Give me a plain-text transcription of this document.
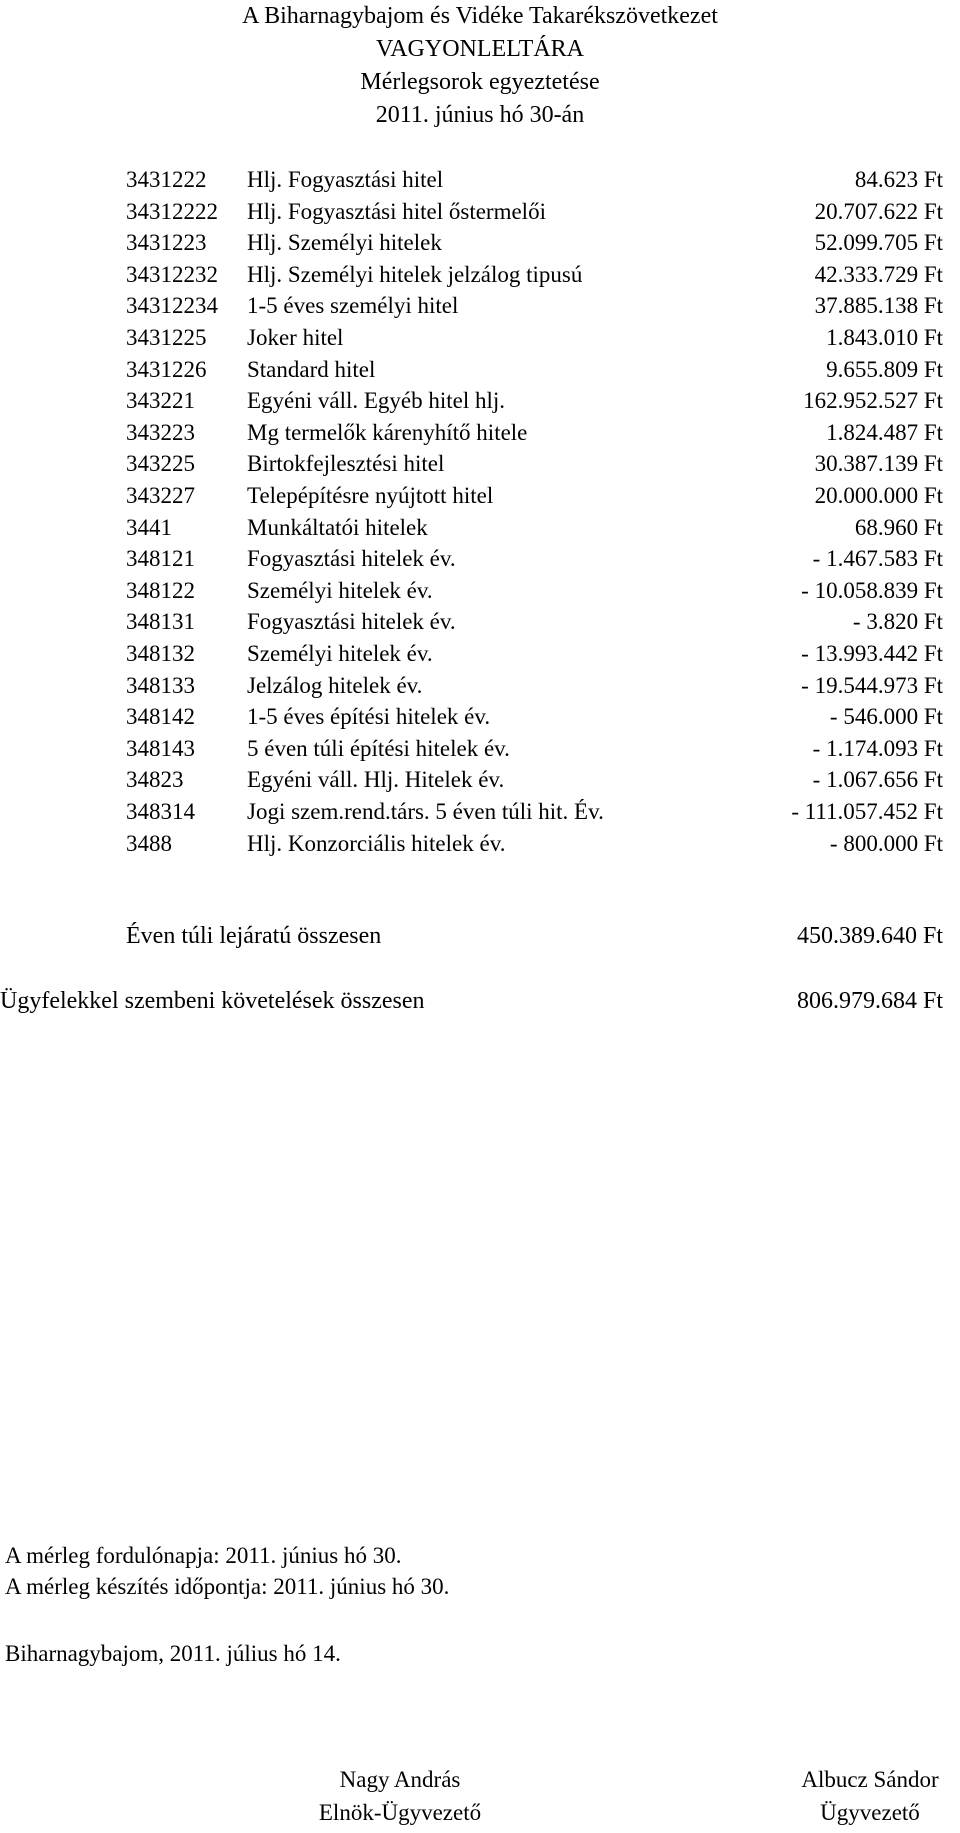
A Biharnagybajom és Vidéke Takarékszövetkezet
VAGYONLELTÁRA
Mérlegsorok egyeztetése
2011. június hó 30-án
3431222 Hlj. Fogyasztási hitel	84.623 Ft
34312222 Hlj. Fogyasztási hitel őstermelői	20.707.622 Ft
3431223 Hlj. Személyi hitelek	52.099.705 Ft
34312232 Hlj. Személyi hitelek jelzálog tipusú	42.333.729 Ft
34312234 1-5 éves személyi hitel	37.885.138 Ft
3431225 Joker hitel	1.843.010 Ft
3431226 Standard hitel	9.655.809 Ft
343221 Egyéni váll. Egyéb hitel hlj.	162.952.527 Ft
343223 Mg termelők kárenyhítő hitele	1.824.487 Ft
343225 Birtokfejlesztési hitel	30.387.139 Ft
343227 Telepépítésre nyújtott hitel	20.000.000 Ft
3441	Munkáltatói hitelek	68.960 Ft
348121 Fogyasztási hitelek év.	- 1.467.583 Ft
348122 Személyi hitelek év.	- 10.058.839 Ft
348131 Fogyasztási hitelek év.	- 3.820 Ft
348132 Személyi hitelek év.	- 13.993.442 Ft
348133 Jelzálog hitelek év.	- 19.544.973 Ft
348142 1-5 éves építési hitelek év.	- 546.000 Ft
348143 5 éven túli építési hitelek év.	- 1.174.093 Ft
34823	Egyéni váll. Hlj. Hitelek év.	- 1.067.656 Ft
348314 Jogi szem.rend.társ. 5 éven túli hit. Év.	- 111.057.452 Ft
3488	Hlj. Konzorciális hitelek év.	- 800.000 Ft
Éven túli lejáratú összesen	450.389.640 Ft
Ügyfelekkel szembeni követelések összesen	806.979.684 Ft
A mérleg fordulónapja: 2011. június hó 30.
A mérleg készítés időpontja: 2011. június hó 30.
Biharnagybajom, 2011. július hó 14.
Nagy András
Elnök-Ügyvezető
Albucz Sándor
Ügyvezető
